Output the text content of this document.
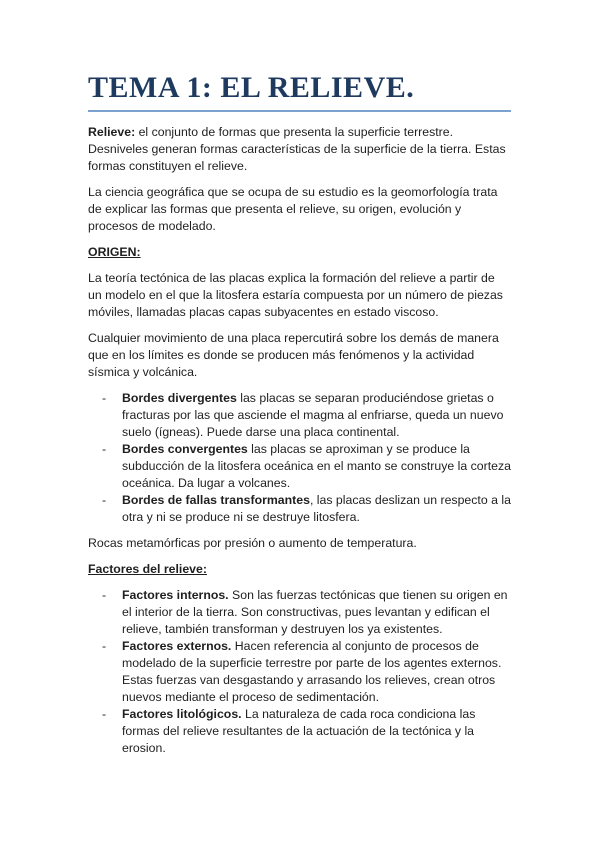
TEMA 1: EL RELIEVE.

Relieve: el conjunto de formas que presenta la superficie terrestre. Desniveles generan formas características de la superficie de la tierra. Estas formas constituyen el relieve.

La ciencia geográfica que se ocupa de su estudio es la geomorfología trata de explicar las formas que presenta el relieve, su origen, evolución y procesos de modelado.

ORIGEN:

La teoría tectónica de las placas explica la formación del relieve a partir de un modelo en el que la litosfera estaría compuesta por un número de piezas móviles, llamadas placas capas subyacentes en estado viscoso.

Cualquier movimiento de una placa repercutirá sobre los demás de manera que en los límites es donde se producen más fenómenos y la actividad sísmica y volcánica.

- Bordes divergentes las placas se separan produciéndose grietas o fracturas por las que asciende el magma al enfriarse, queda un nuevo suelo (ígneas). Puede darse una placa continental.
- Bordes convergentes las placas se aproximan y se produce la subducción de la litosfera oceánica en el manto se construye la corteza oceánica. Da lugar a volcanes.
- Bordes de fallas transformantes, las placas deslizan un respecto a la otra y ni se produce ni se destruye litosfera.

Rocas metamórficas por presión o aumento de temperatura.

Factores del relieve:
- Factores internos. Son las fuerzas tectónicas que tienen su origen en el interior de la tierra. Son constructivas, pues levantan y edifican el relieve, también transforman y destruyen los ya existentes.
- Factores externos. Hacen referencia al conjunto de procesos de modelado de la superficie terrestre por parte de los agentes externos. Estas fuerzas van desgastando y arrasando los relieves, crean otros nuevos mediante el proceso de sedimentación.
- Factores litológicos. La naturaleza de cada roca condiciona las formas del relieve resultantes de la actuación de la tectónica y la erosion.
